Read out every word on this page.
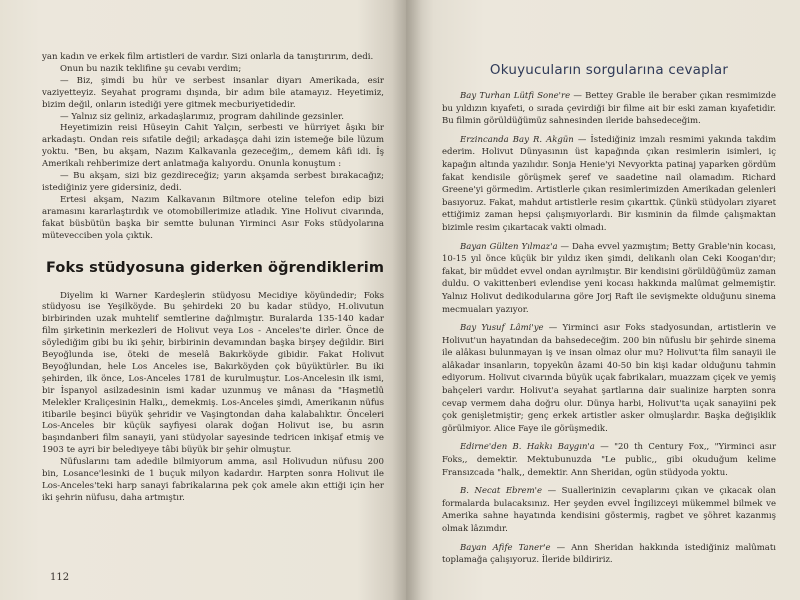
yan kadın ve erkek film artistleri de vardır. Sizi onlarla da tanıştırırım, dedi.

Onun bu nazik teklifine şu cevabı verdim;

— Biz, şimdi bu hür ve serbest insanlar diyarı Amerikada, esir vaziyetteyiz. Seyahat programı dışında, bir adım bile atamayız. Heyetimiz, bizim değil, onların istediği yere gitmek mecburiyetidedir.

— Yalnız siz geliniz, arkadaşlarımız, program dahilinde gezsinler.

Heyetimizin reisi Hüseyin Cahit Yalçın, serbesti ve hürriyet âşıkı bir arkadaştı. Ondan reis sıfatile değil; arkadaşça dahi izin istemeğe bile lüzum yoktu. "Ben, bu akşam, Nazım Kalkavanla gezeceğim,, demem kâfi idi. İş Amerikalı rehberimize dert anlatmağa kalıyordu. Onunla konuştum :

— Bu akşam, sizi biz gezdireceğiz; yarın akşamda serbest bırakacağız; istediğiniz yere gidersiniz, dedi.

Ertesi akşam, Nazım Kalkavanın Biltmore oteline telefon edip bizi aramasını kararlaştırdık ve otomobillerimize atladık. Yine Holivut civarında, fakat büsbütün başka bir semtte bulunan Yirminci Asır Foks stüdyolarına mütevecciben yola çıktık.

Foks stüdyosuna giderken öğrendiklerim

Diyelim ki Warner Kardeşlerin stüdyosu Mecidiye köyündedir; Foks stüdyosu ise Yeşilköyde. Bu şehirdeki 20 bu kadar stüdyo, H.olivutun birbirinden uzak muhtelif semtlerine dağılmıştır. Buralarda 135-140 kadar film şirketinin merkezleri de Holivut veya Los - Anceles'te dirler. Önce de söylediğim gibi bu iki şehir, birbirinin devamından başka birşey değildir. Biri Beyoğlunda ise, öteki de meselâ Bakırköyde gibidir. Fakat Holivut Beyoğlundan, hele Los Anceles ise, Bakırköyden çok büyüktürler. Bu iki şehirden, ilk önce, Los-Anceles 1781 de kurulmuştur. Los-Ancelesin ilk ismi, bir İspanyol asilzadesinin ismi kadar uzunmuş ve mânası da "Haşmetlû Melekler Kraliçesinin Halkı,, demekmiş. Los-Anceles şimdi, Amerikanın nüfus itibarile beşinci büyük şehridir ve Vaşingtondan daha kalabalıktır. Önceleri Los-Anceles bir küçük sayfiyesi olarak doğan Holivut ise, bu asrın başındanberi film sanayii, yani stüdyolar sayesinde tedricen inkişaf etmiş ve 1903 te ayri bir belediyeye tâbi büyük bir şehir olmuştur.

Nüfuslarını tam adedile bilmiyorum amma, asıl Holivudun nüfusu 200 bin, Losance'lesinki de 1 buçuk milyon kadardır. Harpten sonra Holivut ile Los-Anceles'teki harp sanayi fabrikalarına pek çok amele akın ettiği için her iki şehrin nüfusu, daha artmıştır.

112
Okuyucuların sorgularına cevaplar

Bay Turhan Lütfi Sone're — Bettey Grable ile beraber çıkan resmimizde bu yıldızın kıyafeti, o sırada çevirdiği bir filme ait bir eski zaman kıyafetidir. Bu filmin görüldüğümüz sahnesinden ileride bahsedeceğim.

Erzincanda Bay R. Akgün — İstediğiniz imzalı resmimi yakında takdim ederim. Holivut Dünyasının üst kapağında çıkan resimlerin isimleri, iç kapağın altında yazılıdır. Sonja Henie'yi Nevyorkta patinaj yaparken gördüm fakat kendisile görüşmek şeref ve saadetine nail olamadım. Richard Greene'yi görmedim. Artistlerle çıkan resimlerimizden Amerikadan gelenleri basıyoruz. Fakat, mahdut artistlerle resim çıkarttık. Çünkü stüdyoları ziyaret ettiğimiz zaman hepsi çalışmıyorlardı. Bir kısminin da filmde çalışmaktan bizimle resim çıkartacak vakti olmadı.

Bayan Gülten Yılmaz'a — Daha evvel yazmıştım; Betty Grable'nin kocası, 10-15 yıl önce küçük bir yıldız iken şimdi, delikanlı olan Ceki Koogan'dır; fakat, bir müddet evvel ondan ayrılmıştır. Bir kendisini görüldüğümüz zaman duldu. O vakittenberi evlendise yeni kocası hakkında malûmat gelmemiştir. Yalnız Holivut dedikodularına göre Jorj Raft ile sevişmekte olduğunu sinema mecmuaları yazıyor.

Bay Yusuf Lâmi'ye — Yirminci asır Foks stadyosundan, artistlerin ve Holivut'un hayatından da bahsedeceğim. 200 bin nüfuslu bir şehirde sinema ile alâkası bulunmayan iş ve insan olmaz olur mu? Holivut'ta film sanayii ile alâkadar insanların, topyekûn âzami 40-50 bin kişi kadar olduğunu tahmin ediyorum. Holivut civarında büyük uçak fabrikaları, muazzam çiçek ve yemiş bahçeleri vardır. Holivut'a seyahat şartlarına dair sualinize harpten sonra cevap vermem daha doğru olur. Dünya harbi, Holivut'ta uçak sanayiini pek çok genişletmiştir; genç erkek artistler asker olmuşlardır. Başka değişiklik görülmiyor. Alice Faye ile görüşmedik.

Edirne'den B. Hakkı Baygın'a — "20 th Century Fox,, "Yirminci asır Foks,, demektir. Mektubunuzda "Le public,, gibi okuduğum kelime Fransızcada "halk,, demektir. Ann Sheridan, ogün stüdyoda yoktu.

B. Necat Ebrem'e — Suallerinizin cevaplarını çıkan ve çıkacak olan formalarda bulacaksınız. Her şeyden evvel İngilizceyi mükemmel bilmek ve Amerika sahne hayatında kendisini göstermiş, ragbet ve şöhret kazanmış olmak lâzımdır.

Bayan Afife Taner'e — Ann Sheridan hakkında istediğiniz malûmatı toplamağa çalışıyoruz. İleride bildiririz.
